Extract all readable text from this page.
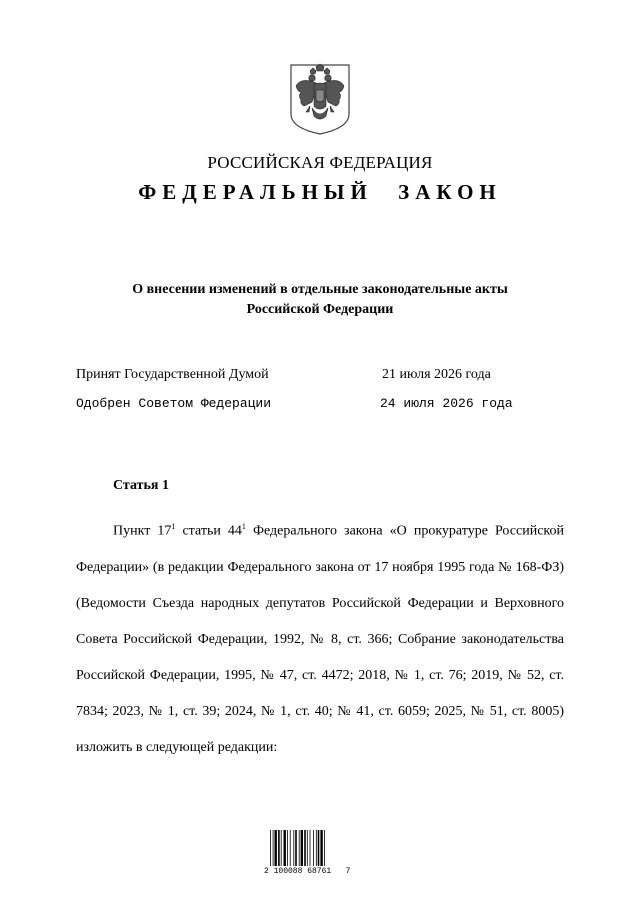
РОССИЙСКАЯ ФЕДЕРАЦИЯ
ФЕДЕРАЛЬНЫЙ ЗАКОН
О внесении изменений в отдельные законодательные акты
Российской Федерации
Принят Государственной Думой	21 июля 2026 года
Одобрен Советом Федерации	24 июля 2026 года
Статья 1

Пункт $17^1$ статьи $44^1$ Федерального закона «О прокуратуре Российской Федерации» (в редакции Федерального закона от 17 ноября 1995 года № 168-ФЗ) (Ведомости Съезда народных депутатов Российской Федерации и Верховного Совета Российской Федерации, 1992, № 8, ст. 366; Собрание законодательства Российской Федерации, 1995, № 47, ст. 4472; 2018, № 1, ст. 76; 2019, № 52, ст. 7834; 2023, № 1, ст. 39; 2024, № 1, ст. 40; № 41, ст. 6059; 2025, № 51, ст. 8005) изложить в следующей редакции:

2 100088 68761   7
